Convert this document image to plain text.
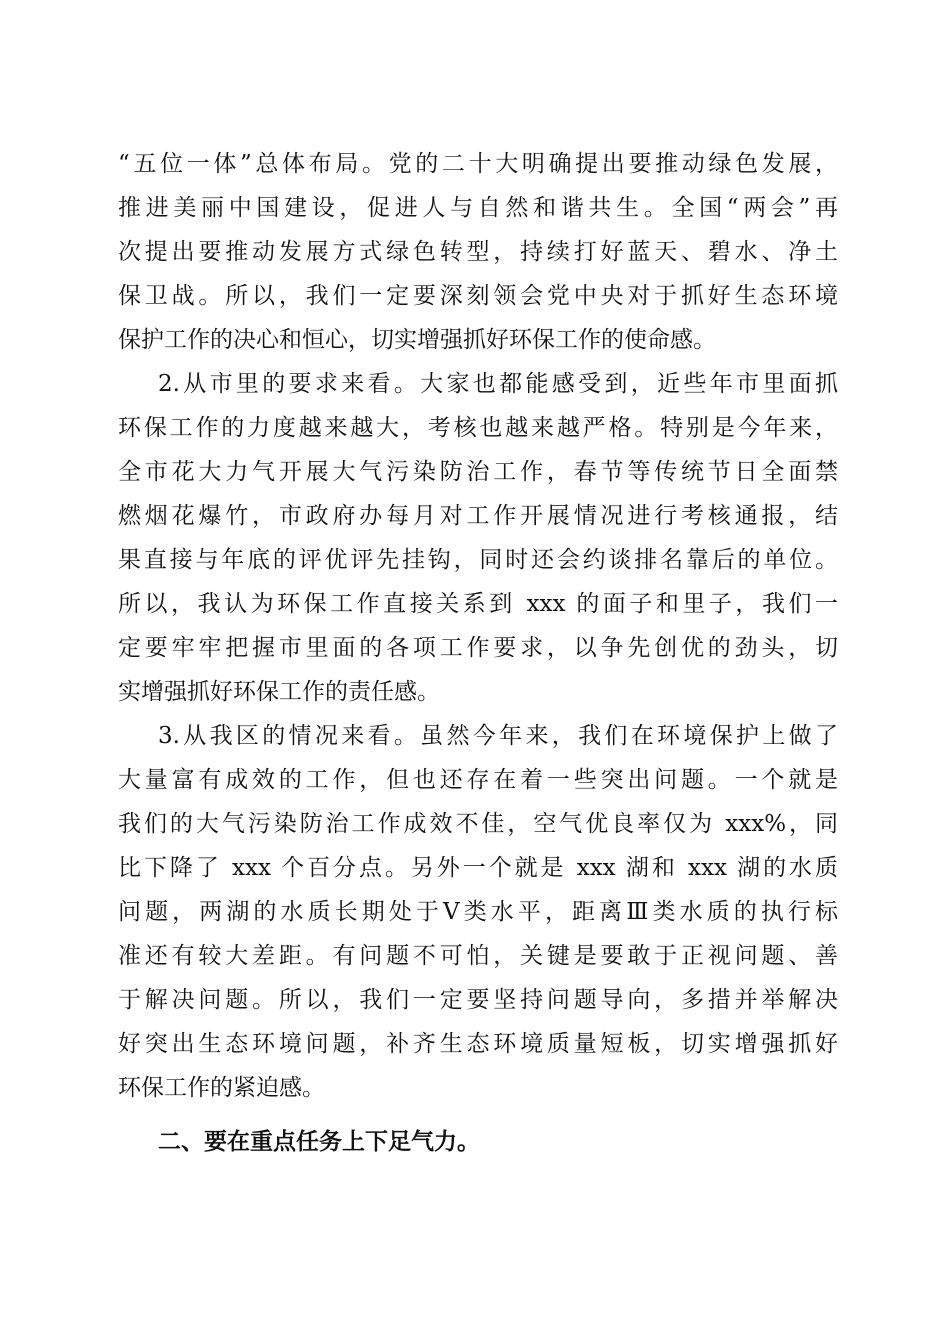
“五位一体”总体布局。党的二十大明确提出要推动绿色发展，
推进美丽中国建设，促进人与自然和谐共生。全国“两会”再
次提出要推动发展方式绿色转型，持续打好蓝天、碧水、净土
保卫战。所以，我们一定要深刻领会党中央对于抓好生态环境
保护工作的决心和恒心，切实增强抓好环保工作的使命感。
2.从市里的要求来看。大家也都能感受到，近些年市里面抓
环保工作的力度越来越大，考核也越来越严格。特别是今年来，
全市花大力气开展大气污染防治工作，春节等传统节日全面禁
燃烟花爆竹，市政府办每月对工作开展情况进行考核通报，结
果直接与年底的评优评先挂钩，同时还会约谈排名靠后的单位。
所以，我认为环保工作直接关系到 xxx 的面子和里子，我们一
定要牢牢把握市里面的各项工作要求，以争先创优的劲头，切
实增强抓好环保工作的责任感。
3.从我区的情况来看。虽然今年来，我们在环境保护上做了
大量富有成效的工作，但也还存在着一些突出问题。一个就是
我们的大气污染防治工作成效不佳，空气优良率仅为 xxx%，同
比下降了 xxx 个百分点。另外一个就是 xxx 湖和 xxx 湖的水质
问题，两湖的水质长期处于Ⅴ类水平，距离Ⅲ类水质的执行标
准还有较大差距。有问题不可怕，关键是要敢于正视问题、善
于解决问题。所以，我们一定要坚持问题导向，多措并举解决
好突出生态环境问题，补齐生态环境质量短板，切实增强抓好
环保工作的紧迫感。
二、要在重点任务上下足气力。
